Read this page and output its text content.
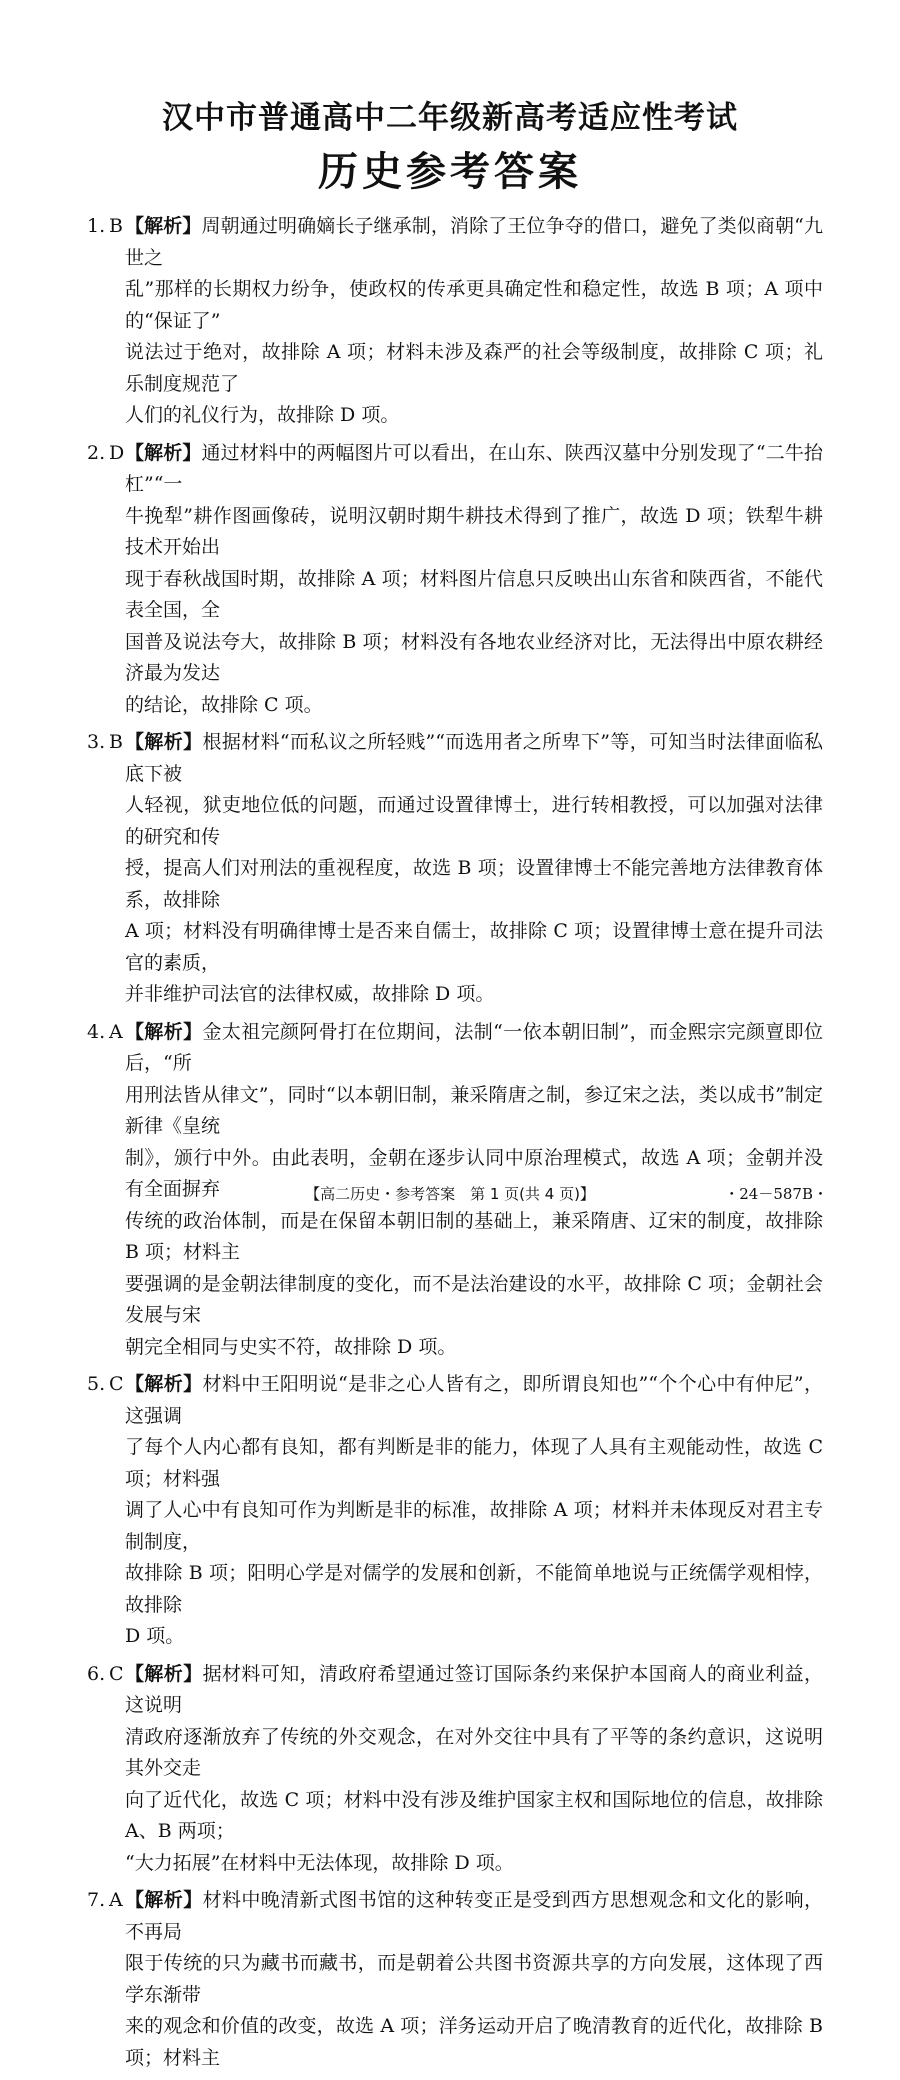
汉中市普通高中二年级新高考适应性考试
历史参考答案
1. B 【解析】周朝通过明确嫡长子继承制，消除了王位争夺的借口，避免了类似商朝“九世之
乱”那样的长期权力纷争，使政权的传承更具确定性和稳定性，故选 B 项；A 项中的“保证了”
说法过于绝对，故排除 A 项；材料未涉及森严的社会等级制度，故排除 C 项；礼乐制度规范了
人们的礼仪行为，故排除 D 项。
2. D 【解析】通过材料中的两幅图片可以看出，在山东、陕西汉墓中分别发现了“二牛抬杠”“一
牛挽犁”耕作图画像砖，说明汉朝时期牛耕技术得到了推广，故选 D 项；铁犁牛耕技术开始出
现于春秋战国时期，故排除 A 项；材料图片信息只反映出山东省和陕西省，不能代表全国，全
国普及说法夸大，故排除 B 项；材料没有各地农业经济对比，无法得出中原农耕经济最为发达
的结论，故排除 C 项。
3. B 【解析】根据材料“而私议之所轻贱”“而选用者之所卑下”等，可知当时法律面临私底下被
人轻视，狱吏地位低的问题，而通过设置律博士，进行转相教授，可以加强对法律的研究和传
授，提高人们对刑法的重视程度，故选 B 项；设置律博士不能完善地方法律教育体系，故排除
A 项；材料没有明确律博士是否来自儒士，故排除 C 项；设置律博士意在提升司法官的素质，
并非维护司法官的法律权威，故排除 D 项。
4. A 【解析】金太祖完颜阿骨打在位期间，法制“一依本朝旧制”，而金熙宗完颜亶即位后，“所
用刑法皆从律文”，同时“以本朝旧制，兼采隋唐之制，参辽宋之法，类以成书”制定新律《皇统
制》，颁行中外。由此表明，金朝在逐步认同中原治理模式，故选 A 项；金朝并没有全面摒弃
传统的政治体制，而是在保留本朝旧制的基础上，兼采隋唐、辽宋的制度，故排除 B 项；材料主
要强调的是金朝法律制度的变化，而不是法治建设的水平，故排除 C 项；金朝社会发展与宋
朝完全相同与史实不符，故排除 D 项。
5. C 【解析】材料中王阳明说“是非之心人皆有之，即所谓良知也”“个个心中有仲尼”，这强调
了每个人内心都有良知，都有判断是非的能力，体现了人具有主观能动性，故选 C 项；材料强
调了人心中有良知可作为判断是非的标准，故排除 A 项；材料并未体现反对君主专制制度，
故排除 B 项；阳明心学是对儒学的发展和创新，不能简单地说与正统儒学观相悖，故排除
D 项。
6. C 【解析】据材料可知，清政府希望通过签订国际条约来保护本国商人的商业利益，这说明
清政府逐渐放弃了传统的外交观念，在对外交往中具有了平等的条约意识，这说明其外交走
向了近代化，故选 C 项；材料中没有涉及维护国家主权和国际地位的信息，故排除 A、B 两项；
“大力拓展”在材料中无法体现，故排除 D 项。
7. A 【解析】材料中晚清新式图书馆的这种转变正是受到西方思想观念和文化的影响，不再局
限于传统的只为藏书而藏书，而是朝着公共图书资源共享的方向发展，这体现了西学东渐带
来的观念和价值的改变，故选 A 项；洋务运动开启了晚清教育的近代化，故排除 B 项；材料主
【高二历史・参考答案　第 1 页(共 4 页)】	・24－587B・
